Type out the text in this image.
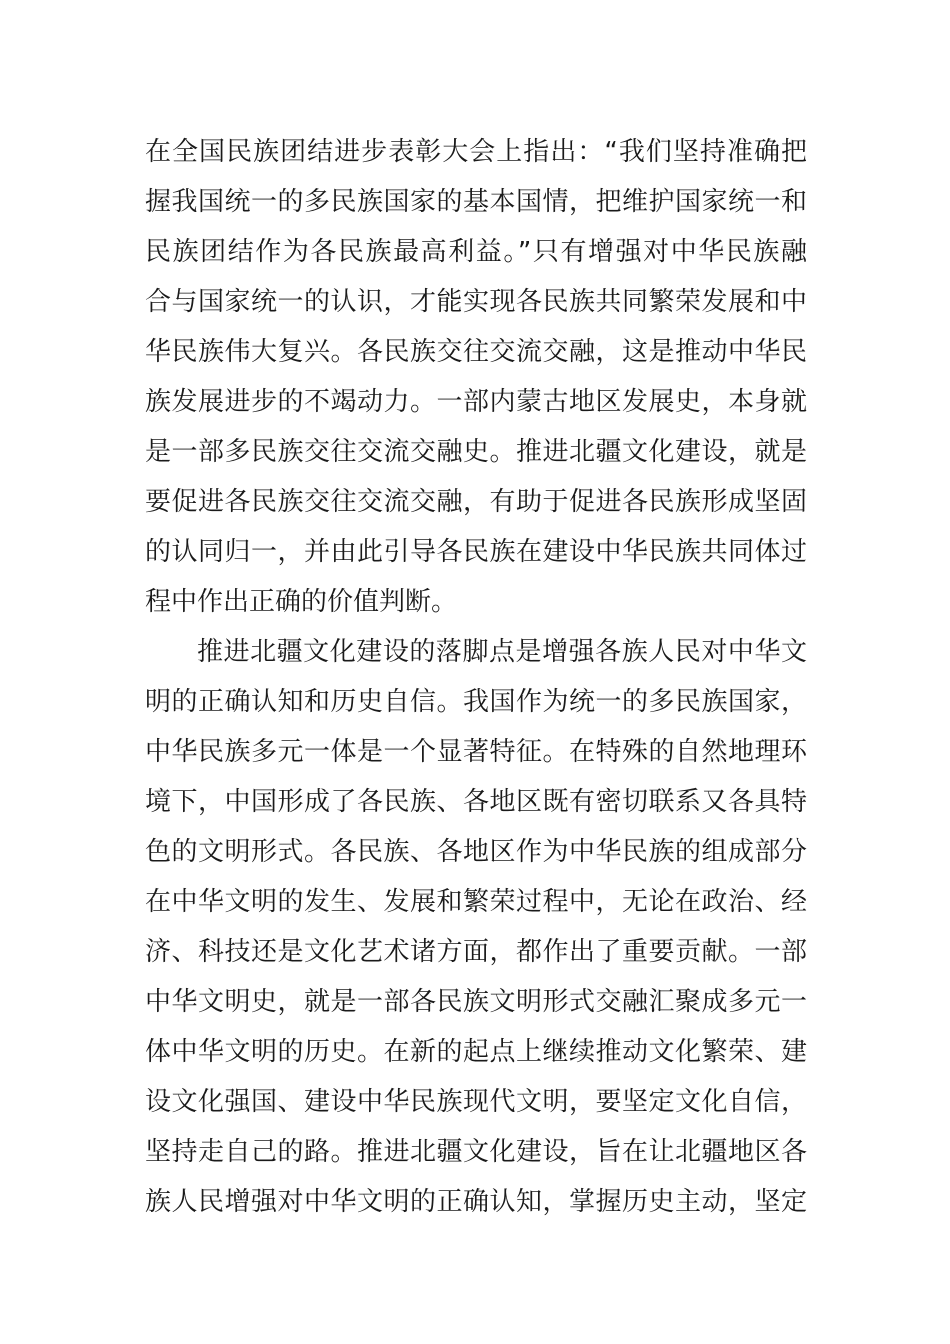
在全国民族团结进步表彰大会上指出：“我们坚持准确把
握我国统一的多民族国家的基本国情，把维护国家统一和
民族团结作为各民族最高利益。”只有增强对中华民族融
合与国家统一的认识，才能实现各民族共同繁荣发展和中
华民族伟大复兴。各民族交往交流交融，这是推动中华民
族发展进步的不竭动力。一部内蒙古地区发展史，本身就
是一部多民族交往交流交融史。推进北疆文化建设，就是
要促进各民族交往交流交融，有助于促进各民族形成坚固
的认同归一，并由此引导各民族在建设中华民族共同体过
程中作出正确的价值判断。
推进北疆文化建设的落脚点是增强各族人民对中华文
明的正确认知和历史自信。我国作为统一的多民族国家，
中华民族多元一体是一个显著特征。在特殊的自然地理环
境下，中国形成了各民族、各地区既有密切联系又各具特
色的文明形式。各民族、各地区作为中华民族的组成部分
在中华文明的发生、发展和繁荣过程中，无论在政治、经
济、科技还是文化艺术诸方面，都作出了重要贡献。一部
中华文明史，就是一部各民族文明形式交融汇聚成多元一
体中华文明的历史。在新的起点上继续推动文化繁荣、建
设文化强国、建设中华民族现代文明，要坚定文化自信，
坚持走自己的路。推进北疆文化建设，旨在让北疆地区各
族人民增强对中华文明的正确认知，掌握历史主动，坚定
